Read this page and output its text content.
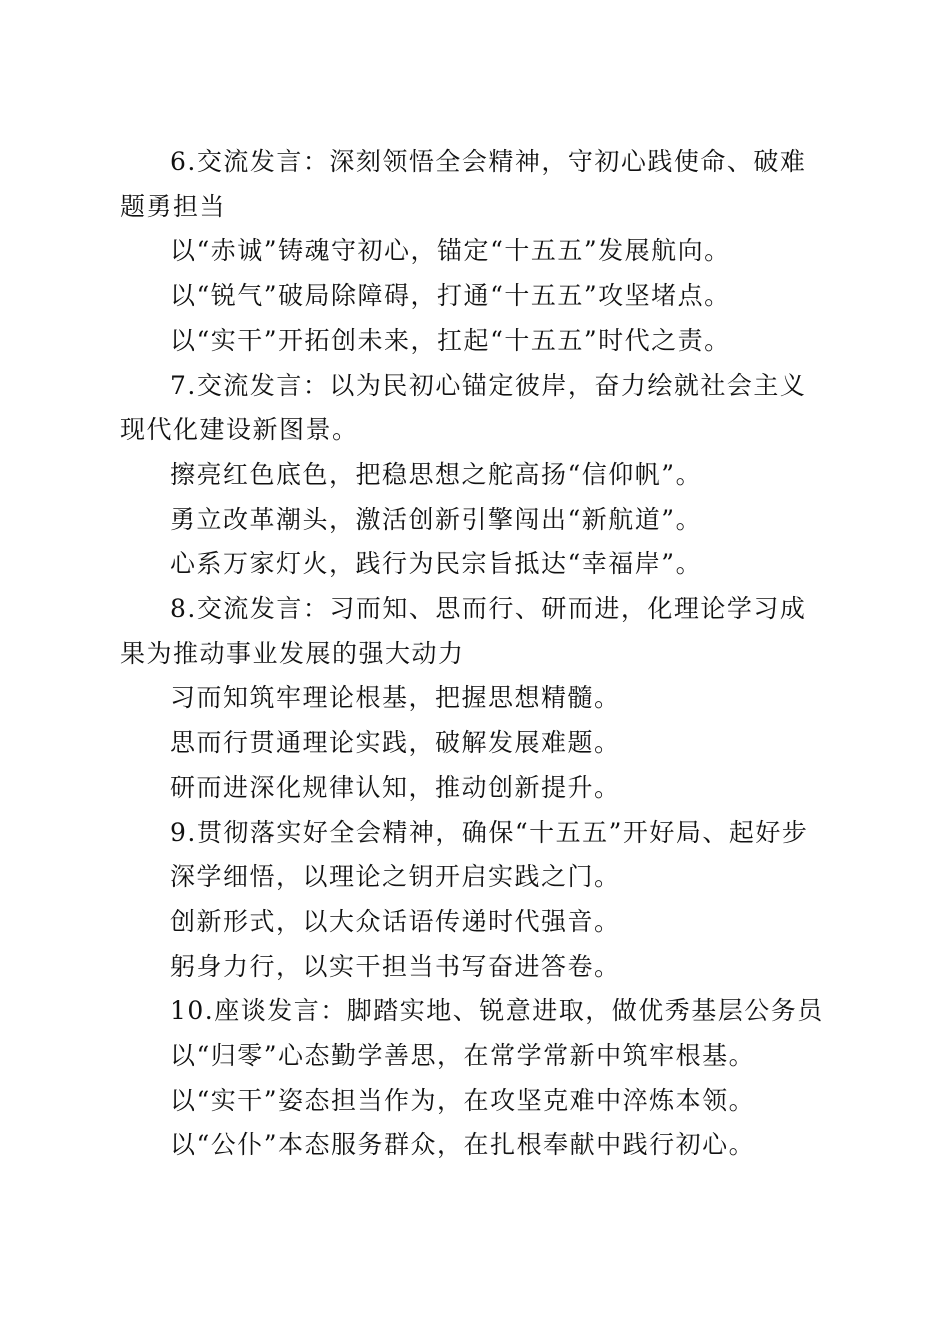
6.交流发言：深刻领悟全会精神，守初心践使命、破难题勇担当

以“赤诚”铸魂守初心，锚定“十五五”发展航向。

以“锐气”破局除障碍，打通“十五五”攻坚堵点。

以“实干”开拓创未来，扛起“十五五”时代之责。

7.交流发言：以为民初心锚定彼岸，奋力绘就社会主义现代化建设新图景。

擦亮红色底色，把稳思想之舵高扬“信仰帆”。

勇立改革潮头，激活创新引擎闯出“新航道”。

心系万家灯火，践行为民宗旨抵达“幸福岸”。

8.交流发言：习而知、思而行、研而进，化理论学习成果为推动事业发展的强大动力

习而知筑牢理论根基，把握思想精髓。

思而行贯通理论实践，破解发展难题。

研而进深化规律认知，推动创新提升。

9.贯彻落实好全会精神，确保“十五五”开好局、起好步

深学细悟，以理论之钥开启实践之门。

创新形式，以大众话语传递时代强音。

躬身力行，以实干担当书写奋进答卷。

10.座谈发言：脚踏实地、锐意进取，做优秀基层公务员

以“归零”心态勤学善思，在常学常新中筑牢根基。

以“实干”姿态担当作为，在攻坚克难中淬炼本领。

以“公仆”本态服务群众，在扎根奉献中践行初心。
